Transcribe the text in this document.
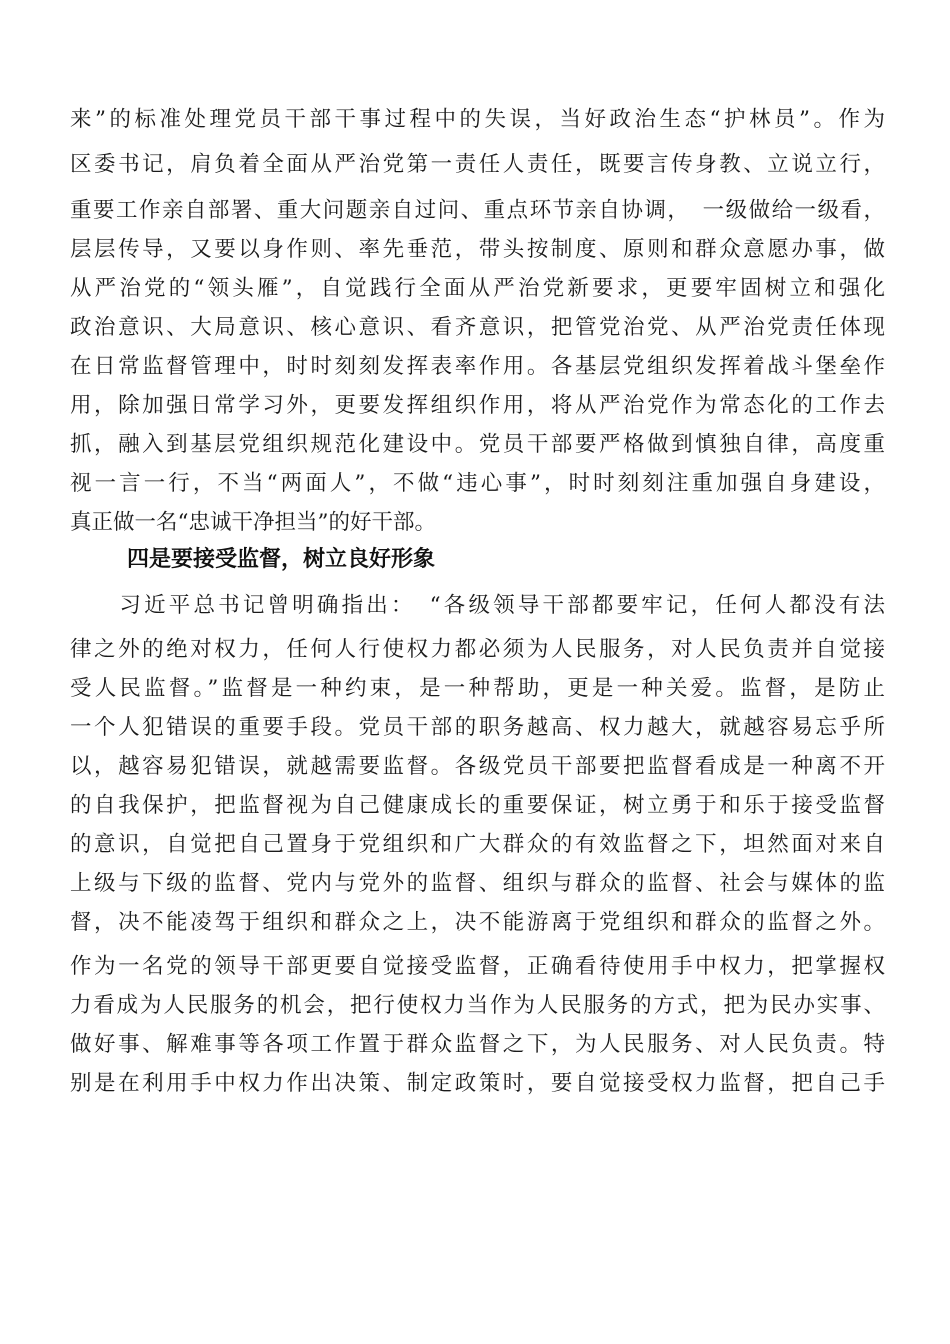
来”的标准处理党员干部干事过程中的失误，当好政治生态“护林员”。作为
区委书记，肩负着全面从严治党第一责任人责任，既要言传身教、立说立行，
重要工作亲自部署、重大问题亲自过问、重点环节亲自协调，　一级做给一级看，
层层传导，又要以身作则、率先垂范，带头按制度、原则和群众意愿办事，做
从严治党的“领头雁”，自觉践行全面从严治党新要求，更要牢固树立和强化
政治意识、大局意识、核心意识、看齐意识，把管党治党、从严治党责任体现
在日常监督管理中，时时刻刻发挥表率作用。各基层党组织发挥着战斗堡垒作
用，除加强日常学习外，更要发挥组织作用，将从严治党作为常态化的工作去
抓，融入到基层党组织规范化建设中。党员干部要严格做到慎独自律，高度重
视一言一行，不当“两面人”，不做“违心事”，时时刻刻注重加强自身建设，
真正做一名“忠诚干净担当”的好干部。
四是要接受监督，树立良好形象
　　习近平总书记曾明确指出：　“各级领导干部都要牢记，任何人都没有法
律之外的绝对权力，任何人行使权力都必须为人民服务，对人民负责并自觉接
受人民监督。”监督是一种约束，是一种帮助，更是一种关爱。监督，是防止
一个人犯错误的重要手段。党员干部的职务越高、权力越大，就越容易忘乎所
以，越容易犯错误，就越需要监督。各级党员干部要把监督看成是一种离不开
的自我保护，把监督视为自己健康成长的重要保证，树立勇于和乐于接受监督
的意识，自觉把自己置身于党组织和广大群众的有效监督之下，坦然面对来自
上级与下级的监督、党内与党外的监督、组织与群众的监督、社会与媒体的监
督，决不能凌驾于组织和群众之上，决不能游离于党组织和群众的监督之外。
作为一名党的领导干部更要自觉接受监督，正确看待使用手中权力，把掌握权
力看成为人民服务的机会，把行使权力当作为人民服务的方式，把为民办实事、
做好事、解难事等各项工作置于群众监督之下，为人民服务、对人民负责。特
别是在利用手中权力作出决策、制定政策时，要自觉接受权力监督，把自己手
